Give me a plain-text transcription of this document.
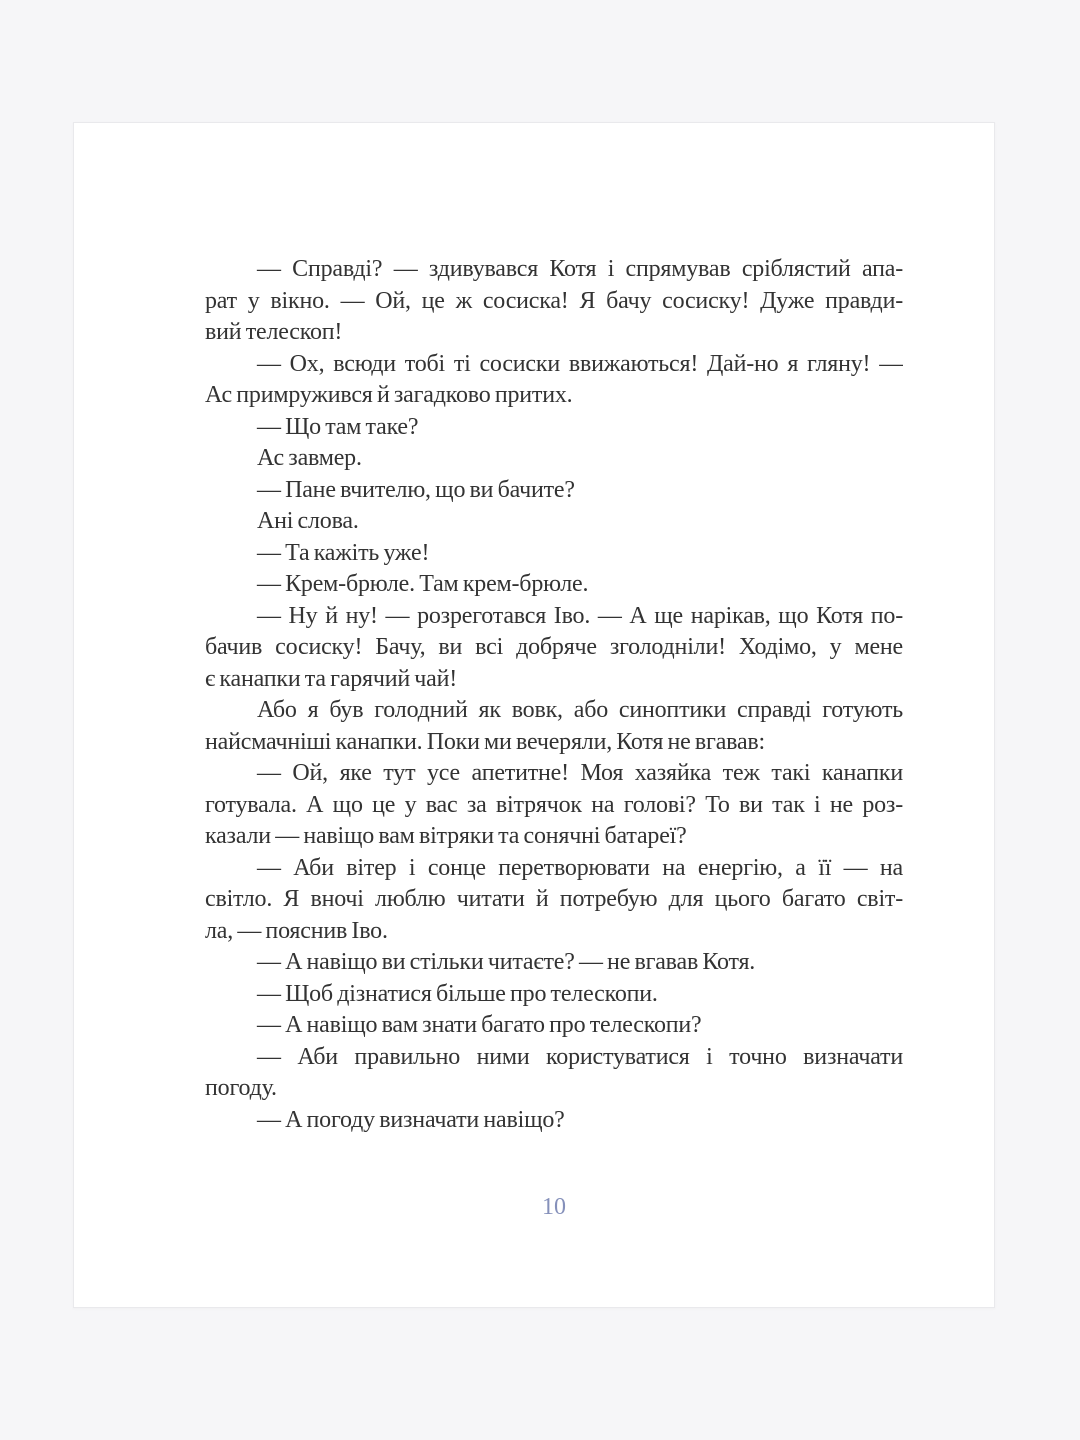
— Справді? — здивувався Котя і спрямував сріблястий апа-
рат у вікно. — Ой, це ж сосиска! Я бачу сосиску! Дуже правди-
вий телескоп!
— Ох, всюди тобі ті сосиски ввижаються! Дай-но я гляну! —
Ас примружився й загадково притих.
— Що там таке?
Ас завмер.
— Пане вчителю, що ви бачите?
Ані слова.
— Та кажіть уже!
— Крем-брюле. Там крем-брюле.
— Ну й ну! — розреготався Іво. — А ще нарікав, що Котя по-
бачив сосиску! Бачу, ви всі добряче зголодніли! Ходімо, у мене
є канапки та гарячий чай!
Або я був голодний як вовк, або синоптики справді готують
найсмачніші канапки. Поки ми вечеряли, Котя не вгавав:
— Ой, яке тут усе апетитне! Моя хазяйка теж такі канапки
готувала. А що це у вас за вітрячок на голові? То ви так і не роз-
казали — навіщо вам вітряки та сонячні батареї?
— Аби вітер і сонце перетворювати на енергію, а її — на
світло. Я вночі люблю читати й потребую для цього багато світ-
ла, — пояснив Іво.
— А навіщо ви стільки читаєте? — не вгавав Котя.
— Щоб дізнатися більше про телескопи.
— А навіщо вам знати багато про телескопи?
— Аби правильно ними користуватися і точно визначати
погоду.
— А погоду визначати навіщо?
10
